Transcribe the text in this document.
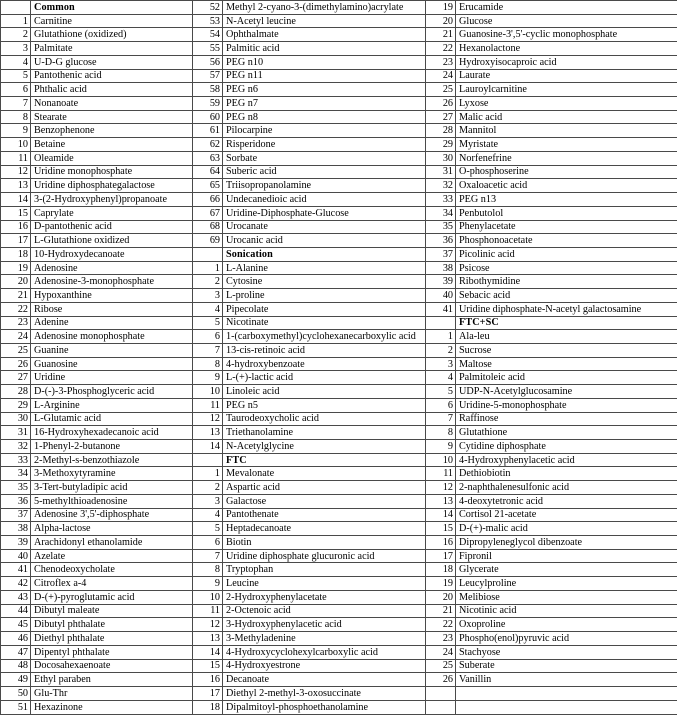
	Common	52	Methyl 2-cyano-3-(dimethylamino)acrylate	19	Erucamide
1	Carnitine	53	N-Acetyl leucine	20	Glucose
2	Glutathione (oxidized)	54	Ophthalmate	21	Guanosine-3',5'-cyclic monophosphate
3	Palmitate	55	Palmitic acid	22	Hexanolactone
4	U-D-G glucose	56	PEG n10	23	Hydroxyisocaproic acid
5	Pantothenic acid	57	PEG n11	24	Laurate
6	Phthalic acid	58	PEG n6	25	Lauroylcarnitine
7	Nonanoate	59	PEG n7	26	Lyxose
8	Stearate	60	PEG n8	27	Malic acid
9	Benzophenone	61	Pilocarpine	28	Mannitol
10	Betaine	62	Risperidone	29	Myristate
11	Oleamide	63	Sorbate	30	Norfenefrine
12	Uridine monophosphate	64	Suberic acid	31	O-phosphoserine
13	Uridine diphosphategalactose	65	Triisopropanolamine	32	Oxaloacetic acid
14	3-(2-Hydroxyphenyl)propanoate	66	Undecanedioic acid	33	PEG n13
15	Caprylate	67	Uridine-Diphosphate-Glucose	34	Penbutolol
16	D-pantothenic acid	68	Urocanate	35	Phenylacetate
17	L-Glutathione oxidized	69	Urocanic acid	36	Phosphonoacetate
18	10-Hydroxydecanoate		Sonication	37	Picolinic acid
19	Adenosine	1	L-Alanine	38	Psicose
20	Adenosine-3-monophosphate	2	Cytosine	39	Ribothymidine
21	Hypoxanthine	3	L-proline	40	Sebacic acid
22	Ribose	4	Pipecolate	41	Uridine diphosphate-N-acetyl galactosamine
23	Adenine	5	Nicotinate		FTC+SC
24	Adenosine monophosphate	6	1-(carboxymethyl)cyclohexanecarboxylic acid	1	Ala-leu
25	Guanine	7	13-cis-retinoic acid	2	Sucrose
26	Guanosine	8	4-hydroxybenzoate	3	Maltose
27	Uridine	9	L-(+)-lactic acid	4	Palmitoleic acid
28	D-(-)-3-Phosphoglyceric acid	10	Linoleic acid	5	UDP-N-Acetylglucosamine
29	L-Arginine	11	PEG n5	6	Uridine-5-monophosphate
30	L-Glutamic acid	12	Taurodeoxycholic acid	7	Raffinose
31	16-Hydroxyhexadecanoic acid	13	Triethanolamine	8	Glutathione
32	1-Phenyl-2-butanone	14	N-Acetylglycine	9	Cytidine diphosphate
33	2-Methyl-s-benzothiazole		FTC	10	4-Hydroxyphenylacetic acid
34	3-Methoxytyramine	1	Mevalonate	11	Dethiobiotin
35	3-Tert-butyladipic acid	2	Aspartic acid	12	2-naphthalenesulfonic acid
36	5-methylthioadenosine	3	Galactose	13	4-deoxytetronic acid
37	Adenosine 3',5'-diphosphate	4	Pantothenate	14	Cortisol 21-acetate
38	Alpha-lactose	5	Heptadecanoate	15	D-(+)-malic acid
39	Arachidonyl ethanolamide	6	Biotin	16	Dipropyleneglycol dibenzoate
40	Azelate	7	Uridine diphosphate glucuronic acid	17	Fipronil
41	Chenodeoxycholate	8	Tryptophan	18	Glycerate
42	Citroflex a-4	9	Leucine	19	Leucylproline
43	D-(+)-pyroglutamic acid	10	2-Hydroxyphenylacetate	20	Melibiose
44	Dibutyl maleate	11	2-Octenoic acid	21	Nicotinic acid
45	Dibutyl phthalate	12	3-Hydroxyphenylacetic acid	22	Oxoproline
46	Diethyl phthalate	13	3-Methyladenine	23	Phospho(enol)pyruvic acid
47	Dipentyl phthalate	14	4-Hydroxycyclohexylcarboxylic acid	24	Stachyose
48	Docosahexaenoate	15	4-Hydroxyestrone	25	Suberate
49	Ethyl paraben	16	Decanoate	26	Vanillin
50	Glu-Thr	17	Diethyl 2-methyl-3-oxosuccinate		
51	Hexazinone	18	Dipalmitoyl-phosphoethanolamine		
